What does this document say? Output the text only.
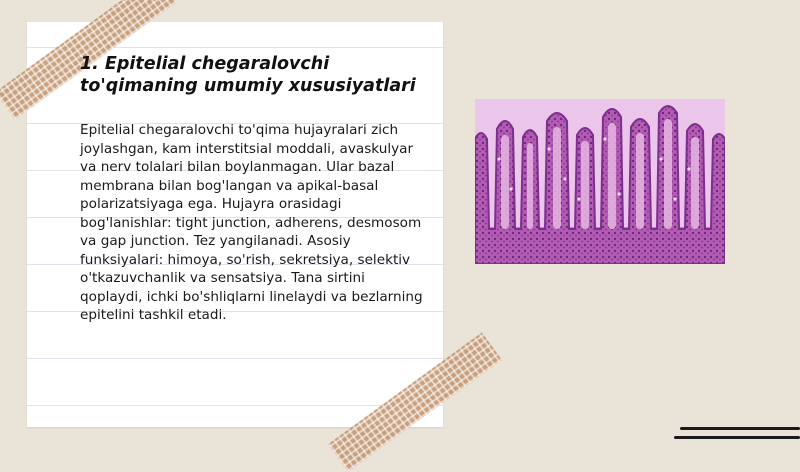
1. Epitelial chegaralovchi to'qimaning umumiy xususiyatlari

Epitelial chegaralovchi to'qima hujayralari zich joylashgan, kam interstitsial moddali, avaskulyar va nerv tolalari bilan boylanmagan. Ular bazal membrana bilan bog'langan va apikal-basal polarizatsiyaga ega. Hujayra orasidagi bog'lanishlar: tight junction, adherens, desmosom va gap junction. Tez yangilanadi. Asosiy funksiyalari: himoya, so'rish, sekretsiya, selektiv o'tkazuvchanlik va sensatsiya. Tana sirtini qoplaydi, ichki bo'shliqlarni linelaydi va bezlarning epitelini tashkil etadi.
